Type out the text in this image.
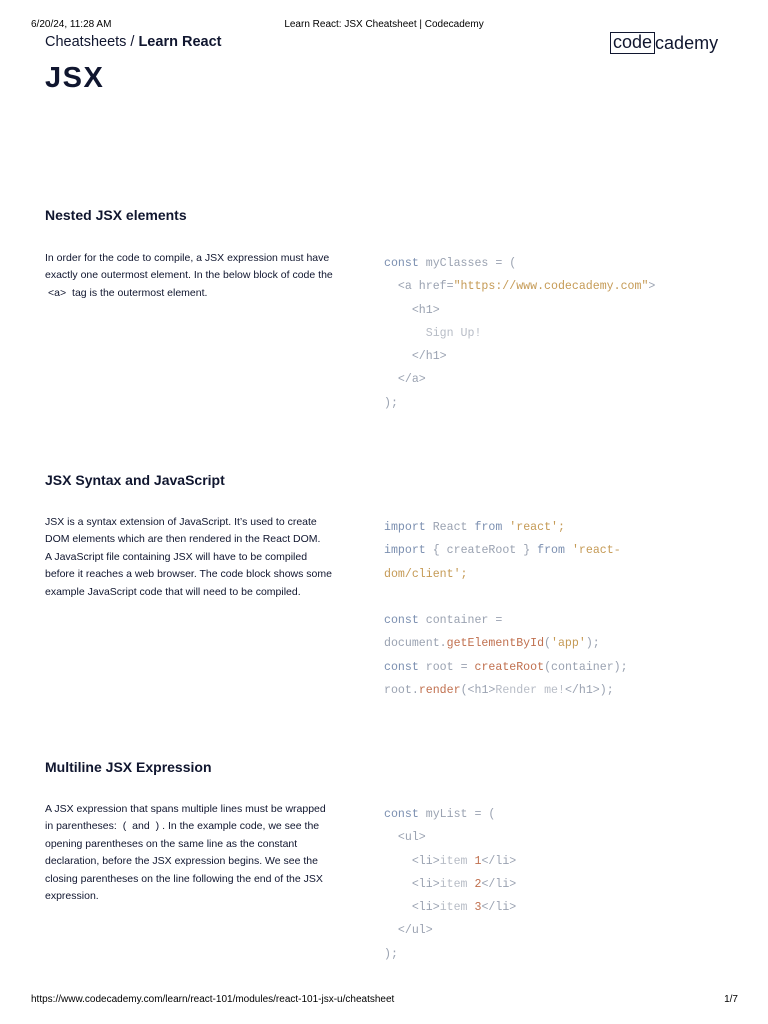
6/20/24, 11:28 AM	Learn React: JSX Cheatsheet | Codecademy
Cheatsheets / Learn React	code cademy
JSX
Nested JSX elements

In order for the code to compile, a JSX expression must have exactly one outermost element. In the below block of code the <a> tag is the outermost element.

const myClasses = (
<a href="https://www.codecademy.com">
<h1>
Sign Up!
</h1>
</a>
);
JSX Syntax and JavaScript

JSX is a syntax extension of JavaScript. It’s used to create DOM elements which are then rendered in the React DOM.

A JavaScript file containing JSX will have to be compiled before it reaches a web browser. The code block shows some example JavaScript code that will need to be compiled.

import React from 'react';
import { createRoot } from 'react-
dom/client';

const container =
document.getElementById('app');
const root = createRoot(container);
root.render(<h1>Render me!</h1>);
Multiline JSX Expression

A JSX expression that spans multiple lines must be wrapped in parentheses: ( and ) . In the example code, we see the opening parentheses on the same line as the constant declaration, before the JSX expression begins. We see the closing parentheses on the line following the end of the JSX expression.

const myList = (
<ul>
<li>item 1</li>
<li>item 2</li>
<li>item 3</li>
</ul>
);
https://www.codecademy.com/learn/react-101/modules/react-101-jsx-u/cheatsheet	1/7
